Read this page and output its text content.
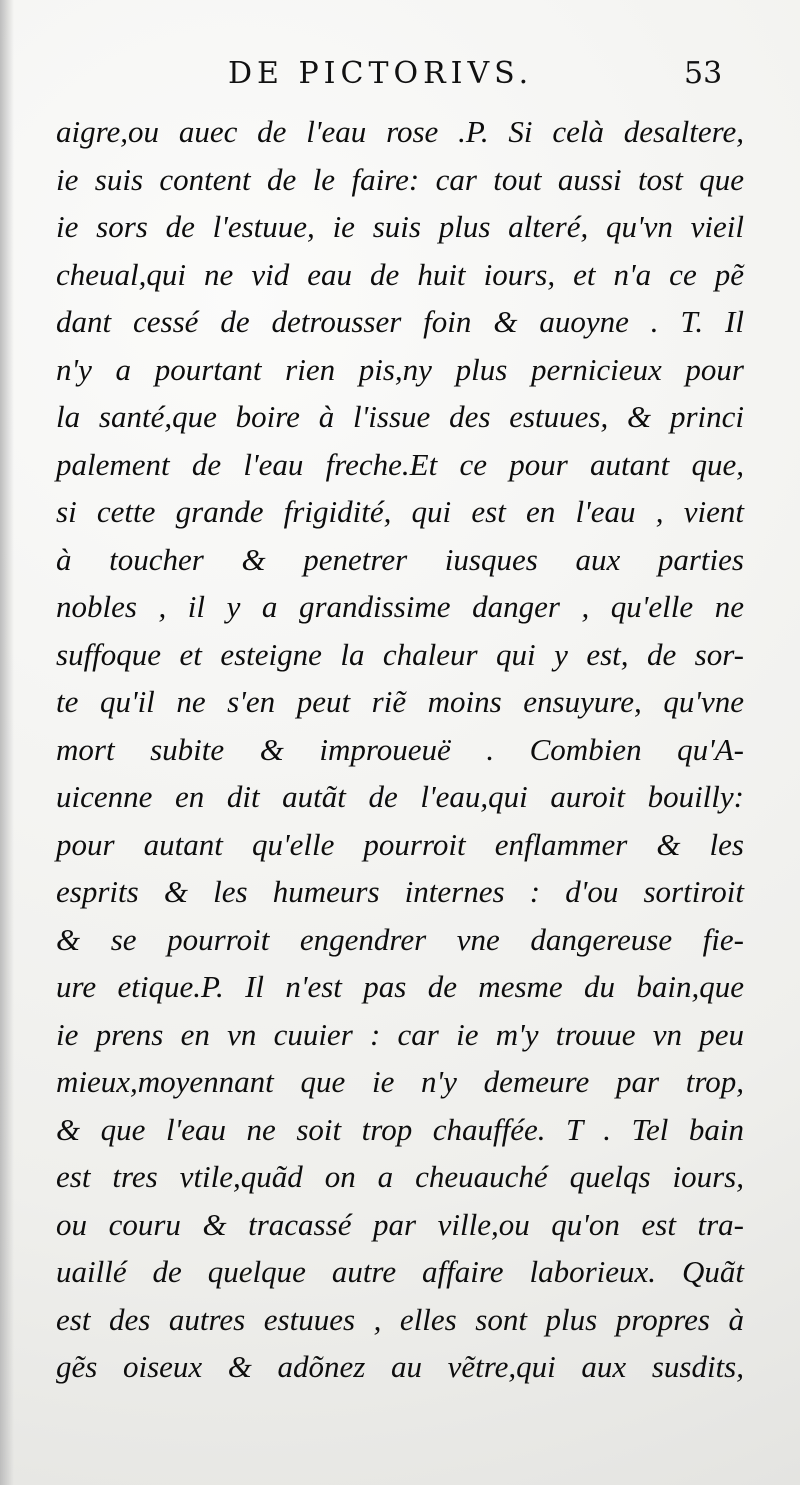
DE PICTORIVS.	53
aigre,ou auec de l'eau rose .P. Si celà desaltere,
ie suis content de le faire: car tout aussi tost que
ie sors de l'estuue, ie suis plus alteré, qu'vn vieil
cheual,qui ne vid eau de huit iours, et n'a ce pẽ
dant cessé de detrousser foin & auoyne . T. Il
n'y a pourtant rien pis,ny plus pernicieux pour
la santé,que boire à l'issue des estuues, & princi
palement de l'eau freche.Et ce pour autant que,
si cette grande frigidité, qui est en l'eau , vient
à toucher & penetrer iusques aux parties
nobles , il y a grandissime danger , qu'elle ne
suffoque et esteigne la chaleur qui y est, de sor-
te qu'il ne s'en peut riẽ moins ensuyure, qu'vne
mort subite & improueuë . Combien qu'A-
uicenne en dit autãt de l'eau,qui auroit bouilly:
pour autant qu'elle pourroit enflammer & les
esprits & les humeurs internes : d'ou sortiroit
& se pourroit engendrer vne dangereuse fie-
ure etique.P. Il n'est pas de mesme du bain,que
ie prens en vn cuuier : car ie m'y trouue vn peu
mieux,moyennant que ie n'y demeure par trop,
& que l'eau ne soit trop chauffée. T . Tel bain
est tres vtile,quãd on a cheuauché quelqs iours,
ou couru & tracassé par ville,ou qu'on est tra-
uaillé de quelque autre affaire laborieux. Quãt
est des autres estuues , elles sont plus propres à
gẽs oiseux & adõnez au vẽtre,qui aux susdits,
